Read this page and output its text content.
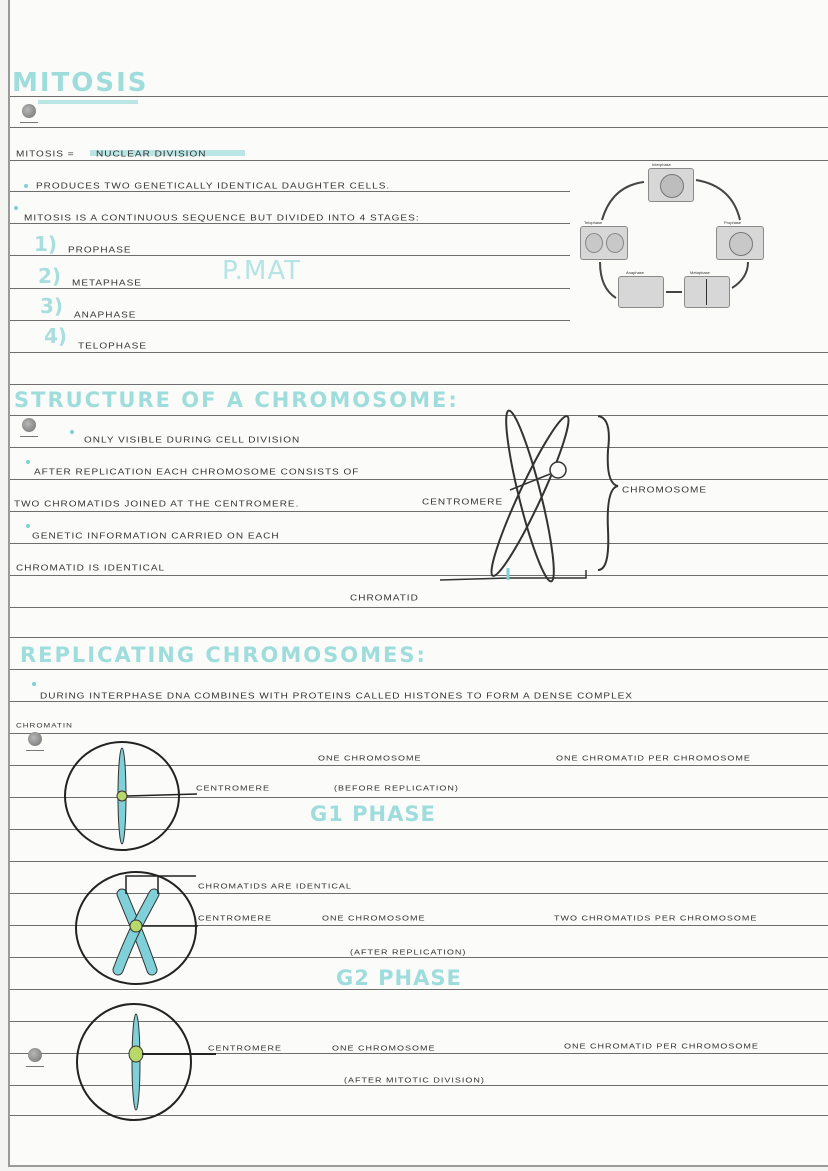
MITOSIS
MITOSIS = NUCLEAR DIVISION
PRODUCES TWO GENETICALLY IDENTICAL DAUGHTER CELLS.
MITOSIS IS A CONTINUOUS SEQUENCE BUT DIVIDED INTO 4 STAGES:
1) PROPHASE
2) METAPHASE
3) ANAPHASE
4) TELOPHASE
P.MAT
Interphase
Prophase
Metaphase
Anaphase
Telophase
STRUCTURE OF A CHROMOSOME:
ONLY VISIBLE DURING CELL DIVISION
AFTER REPLICATION EACH CHROMOSOME CONSISTS OF
TWO CHROMATIDS JOINED AT THE CENTROMERE.
GENETIC INFORMATION CARRIED ON EACH
CHROMATID IS IDENTICAL
CENTROMERE
CHROMOSOME
CHROMATID
REPLICATING CHROMOSOMES:
DURING INTERPHASE DNA COMBINES WITH PROTEINS CALLED HISTONES TO FORM A DENSE COMPLEX
CHROMATIN
CENTROMERE
ONE CHROMOSOME
(BEFORE REPLICATION)
ONE CHROMATID PER CHROMOSOME
G1 PHASE
CHROMATIDS ARE IDENTICAL
CENTROMERE	ONE CHROMOSOME	TWO CHROMATIDS PER CHROMOSOME
(AFTER REPLICATION)
G2 PHASE
CENTROMERE	ONE CHROMOSOME	ONE CHROMATID PER CHROMOSOME
(AFTER MITOTIC DIVISION)
